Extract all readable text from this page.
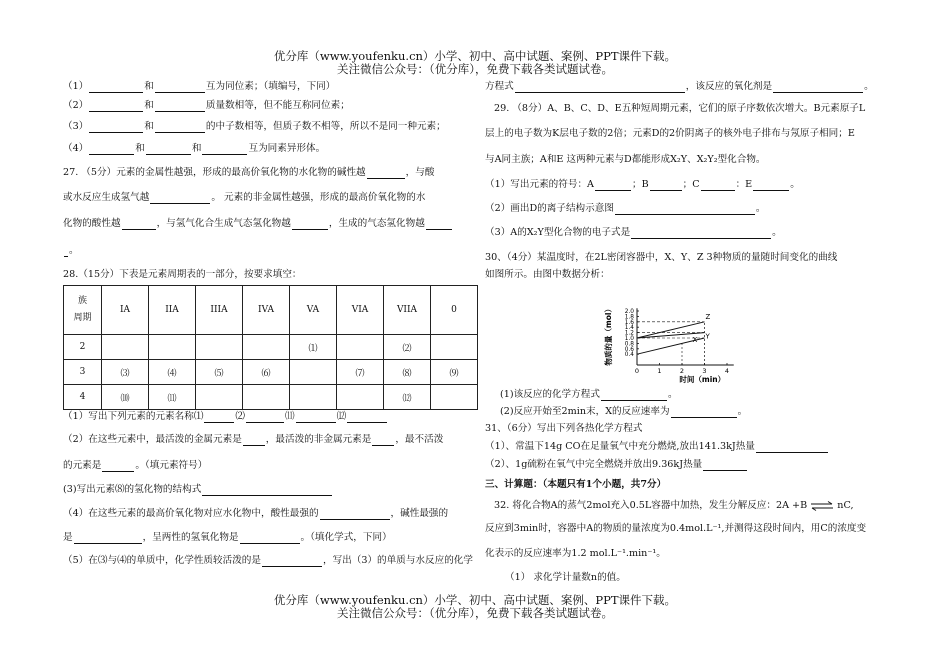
优分库（www.youfenku.cn）小学、初中、高中试题、案例、PPT课件下载。
关注微信公众号：（优分库），免费下载各类试题试卷。
（1）	和	互为同位素；（填编号，下同）
（2）	和	质量数相等，但不能互称同位素；
（3）	和	的中子数相等，但质子数不相等，所以不是同一种元素；
（4）	和	和	互为同素异形体。
27. （5分）元素的金属性越强，形成的最高价氧化物的水化物的碱性越	，与酸
或水反应生成氢气越	。 元素的非金属性越强，形成的最高价氧化物的水
化物的酸性越	，与氢气化合生成气态氢化物越	，生成的气态氢化物越
。
28.（15分）下表是元素周期表的一部分，按要求填空：
族
周期	IA	IIA	IIIA	IVA	VA	VIA	VIIA	0
2					⑴		⑵	
3	⑶	⑷	⑸	⑹		⑺	⑻	⑼
4	⑽	⑾					⑿	
（1）写出下列元素的元素名称⑴	⑵	⑾	⑿
（2）在这些元素中，最活泼的金属元素是	，最活泼的非金属元素是	，最不活泼
的元素是	。（填元素符号）
(3)写出元素⑻的氢化物的结构式
（4）在这些元素的最高价氧化物对应水化物中，酸性最强的	，碱性最强的
是	，呈两性的氢氧化物是	。（填化学式，下同）
（5）在⑶与⑷的单质中，化学性质较活泼的是	，写出（3）的单质与水反应的化学
方程式	，该反应的氧化剂是	。
29. （8分）A、B、C、D、E五种短周期元素，它们的原子序数依次增大。B元素原子L
层上的电子数为K层电子数的2倍；元素D的2价阴离子的核外电子排布与氖原子相同；E
与A同主族；A和E 这两种元素与D都能形成X₂Y、X₂Y₂型化合物。
（1）写出元素的符号：A	；B	；C	：E	。
（2）画出D的离子结构示意图	。
（3）A的X₂Y型化合物的电子式是	。
30、（4分）某温度时，在2L密闭容器中，X、Y、Z 3种物质的量随时间变化的曲线
如图所示。由图中数据分析：
0	1	2	3	4
0.4
0.6
0.8
1.0
1.2
1.4
1.6
1.8
2.0
时间（min）
物质的量（mol）	X Y
Z
(1)该反应的化学方程式	。
(2)反应开始至2min末，X的反应速率为	。
31、（6分）写出下列各热化学方程式
（1）、常温下14g CO在足量氧气中充分燃烧,放出141.3kJ热量
（2）、1g硫粉在氧气中完全燃烧并放出9.36kJ热量
三、计算题：（本题只有1个小题，共7分）
32. 将化合物A的蒸气2mol充入0.5L容器中加热，发生分解反应：2A +B ⇌ nC,
反应到3min时，容器中A的物质的量浓度为0.4mol.L⁻¹,并测得这段时间内，用C的浓度变
化表示的反应速率为1.2 mol.L⁻¹.min⁻¹。
（1） 求化学计量数n的值。
优分库（www.youfenku.cn）小学、初中、高中试题、案例、PPT课件下载。
关注微信公众号：（优分库），免费下载各类试题试卷。
